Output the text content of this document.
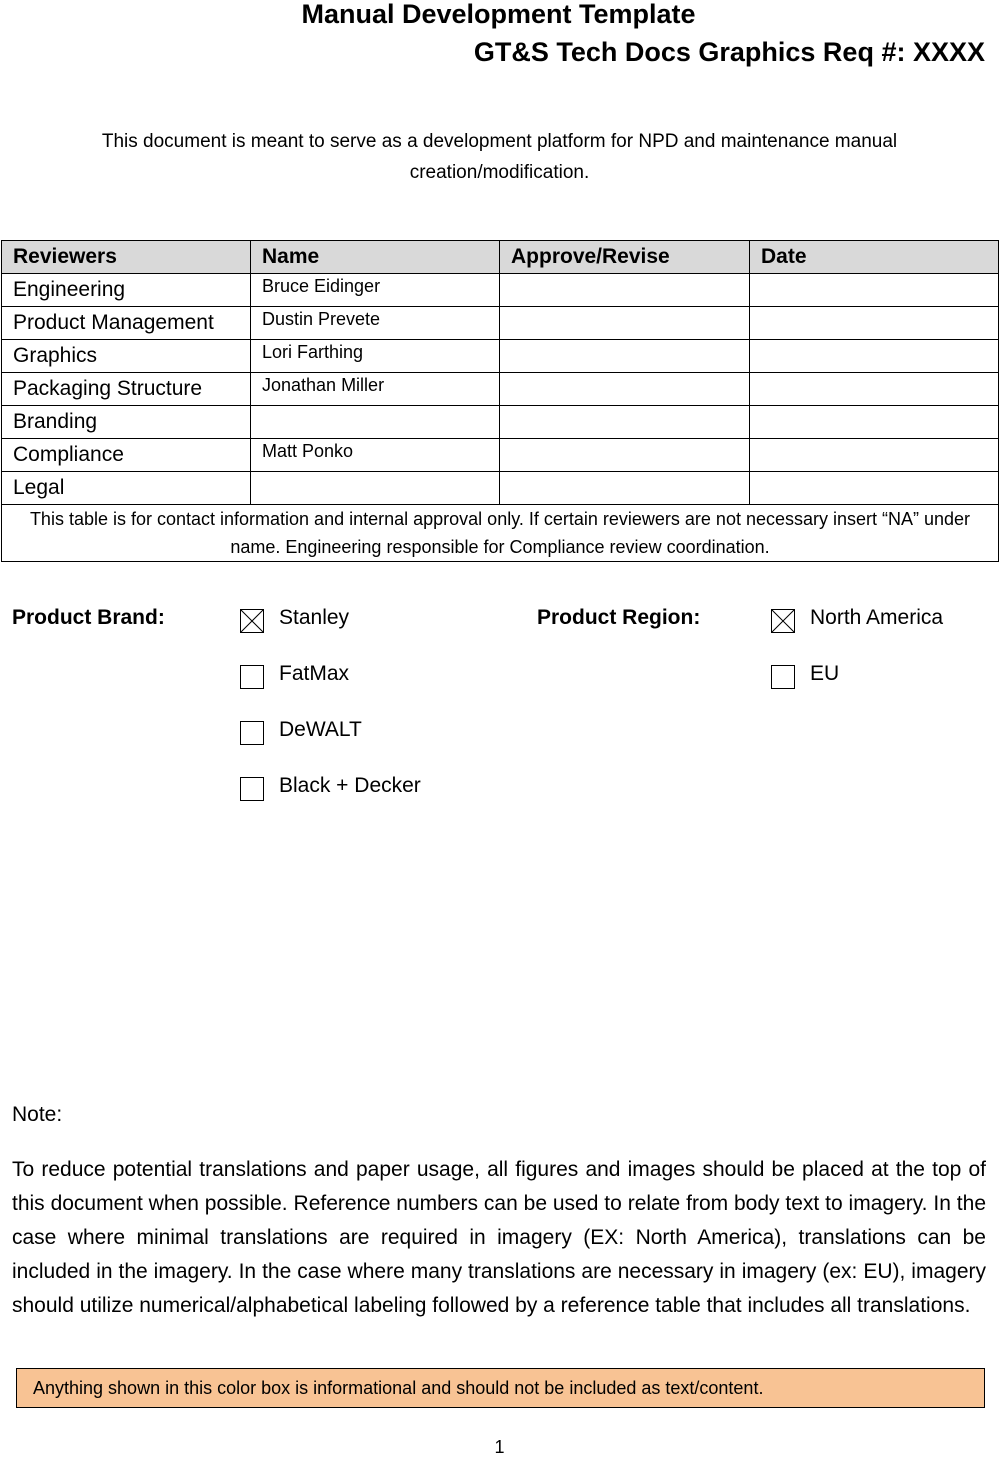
Manual Development Template
GT&S Tech Docs Graphics Req #: XXXX
This document is meant to serve as a development platform for NPD and maintenance manual creation/modification.
Reviewers	Name	Approve/Revise	Date
Engineering	Bruce Eidinger		
Product Management	Dustin Prevete		
Graphics	Lori Farthing		
Packaging Structure	Jonathan Miller		
Branding			
Compliance	Matt Ponko		
Legal			
This table is for contact information and internal approval only. If certain reviewers are not necessary insert “NA” under name. Engineering responsible for Compliance review coordination.			
Product Brand:	Stanley
FatMax
DeWALT
Black + Decker
Product Region:	North America
EU
Note:
To reduce potential translations and paper usage, all figures and images should be placed at the top of this document when possible. Reference numbers can be used to relate from body text to imagery. In the case where minimal translations are required in imagery (EX: North America), translations can be included in the imagery. In the case where many translations are necessary in imagery (ex: EU), imagery should utilize numerical/alphabetical labeling followed by a reference table that includes all translations.
Anything shown in this color box is informational and should not be included as text/content.
1
